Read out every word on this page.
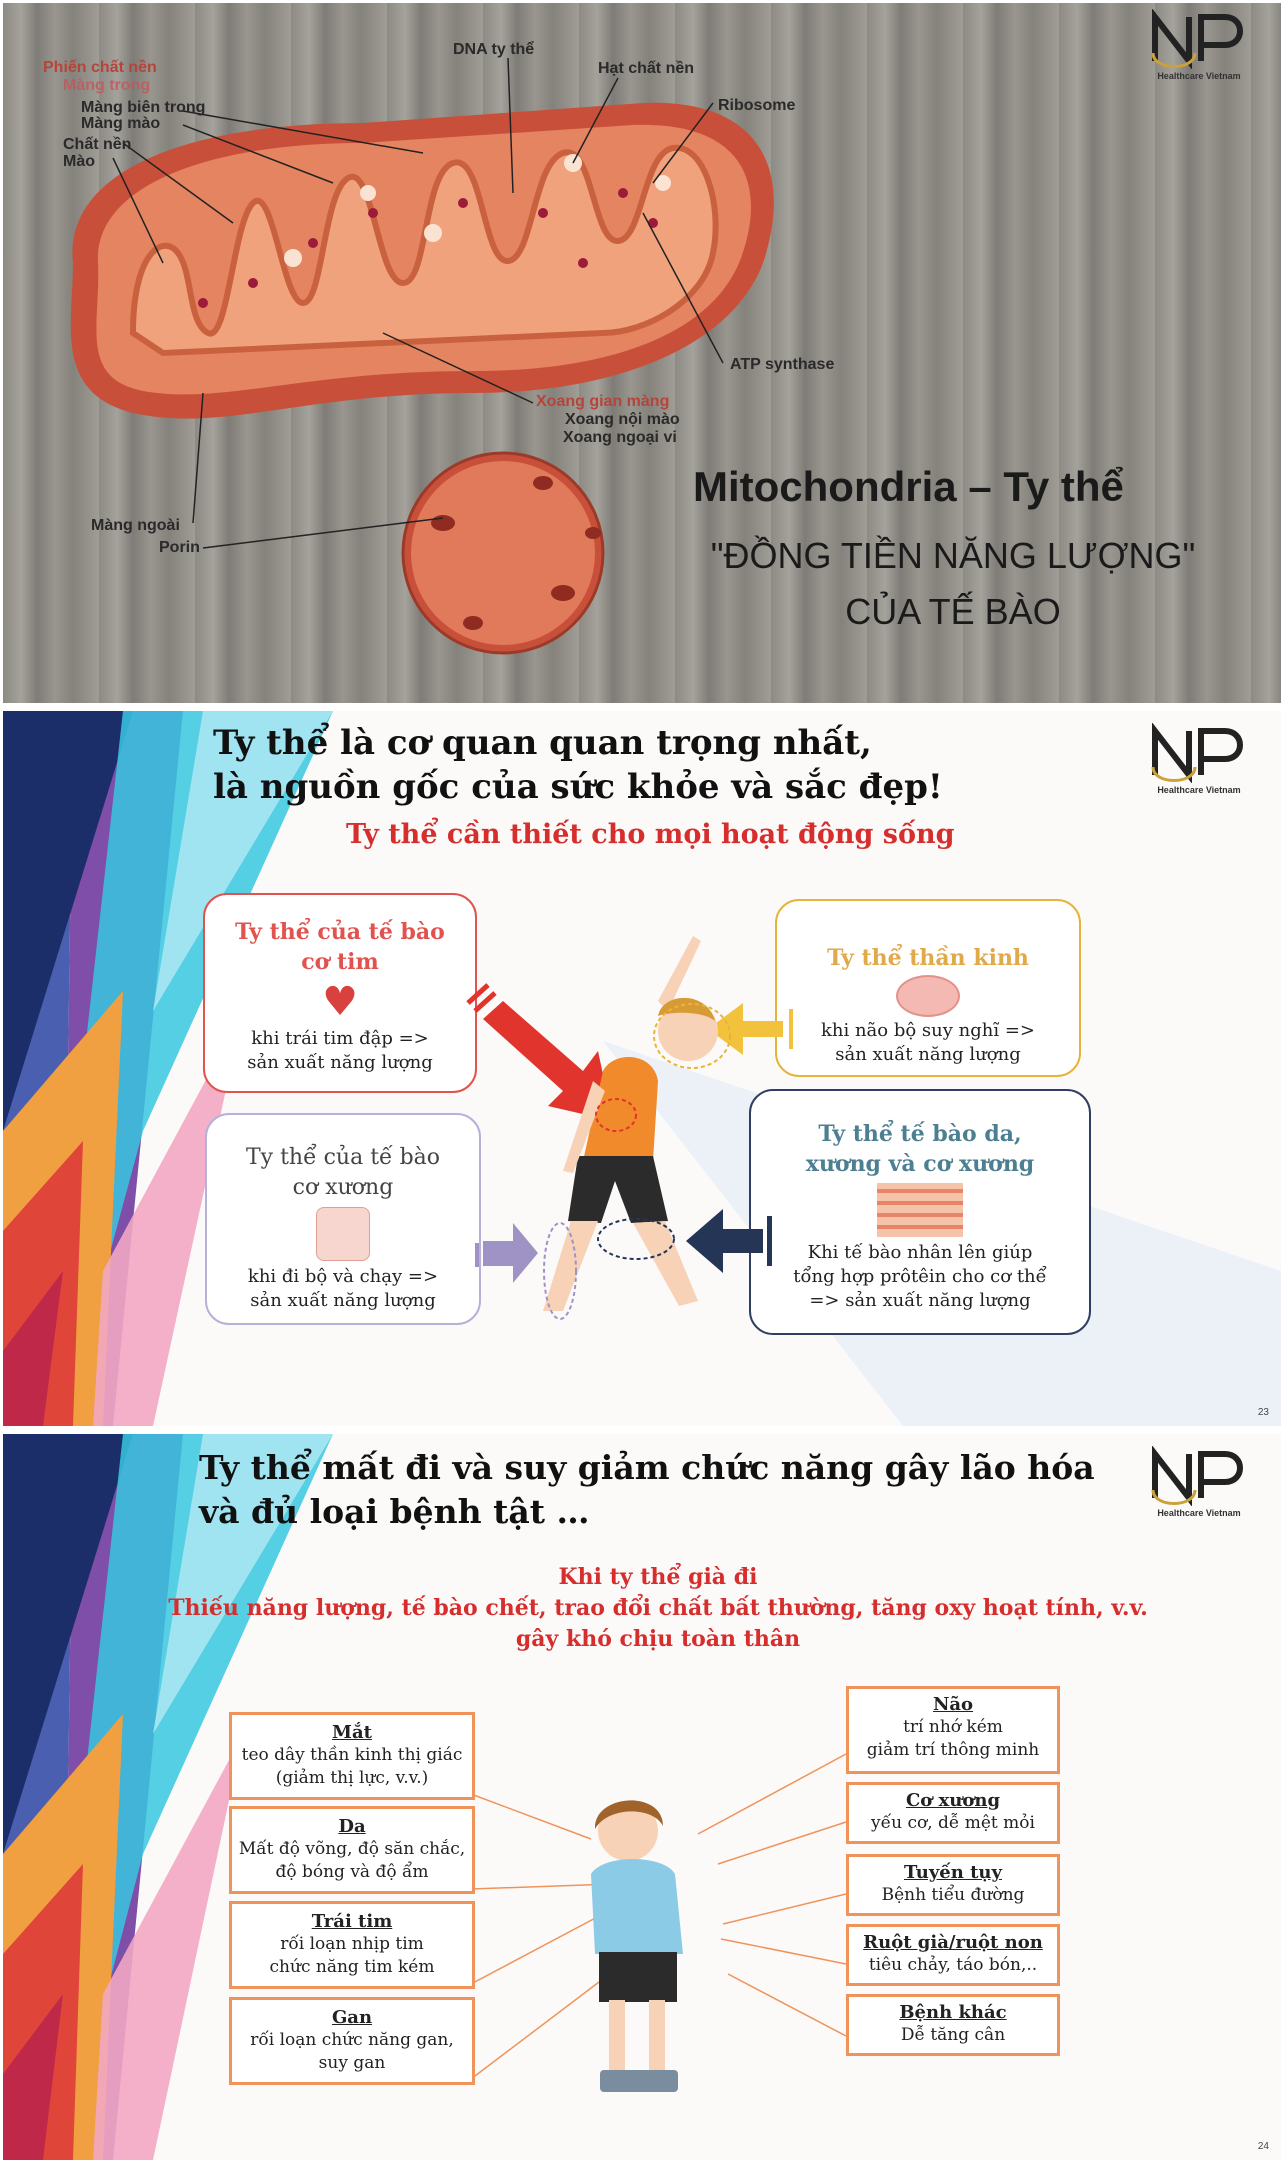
Phiến chất nền
Màng trong
Màng biên trong
Màng mào
Chất nền
Mào
DNA ty thể
Hạt chất nền
Ribosome
ATP synthase
Xoang gian màng
Xoang nội mào
Xoang ngoại vi
Màng ngoài
Porin
Mitochondria – Ty thể
"ĐỒNG TIỀN NĂNG LƯỢNG"
CỦA TẾ BÀO
Healthcare Vietnam
Ty thể là cơ quan quan trọng nhất,
là nguồn gốc của sức khỏe và sắc đẹp!
Ty thể cần thiết cho mọi hoạt động sống
Healthcare Vietnam
Ty thể của tế bào cơ tim
♥
khi trái tim đập => sản xuất năng lượng
Ty thể thần kinh
khi não bộ suy nghĩ => sản xuất năng lượng
Ty thể của tế bào cơ xương
khi đi bộ và chạy => sản xuất năng lượng
Ty thể tế bào da, xương và cơ xương
Khi tế bào nhân lên giúp tổng hợp prôtêin cho cơ thể => sản xuất năng lượng
23
Ty thể mất đi và suy giảm chức năng gây lão hóa
và đủ loại bệnh tật …
Khi ty thể già đi
Thiếu năng lượng, tế bào chết, trao đổi chất bất thường, tăng oxy hoạt tính, v.v.
gây khó chịu toàn thân
Healthcare Vietnam
Mắt
teo dây thần kinh thị giác
(giảm thị lực, v.v.)
Da
Mất độ võng, độ săn chắc,
độ bóng và độ ẩm
Trái tim
rối loạn nhịp tim
chức năng tim kém
Gan
rối loạn chức năng gan,
suy gan
Não
trí nhớ kém
giảm trí thông minh
Cơ xương
yếu cơ, dễ mệt mỏi
Tuyến tụy
Bệnh tiểu đường
Ruột già/ruột non
tiêu chảy, táo bón,..
Bệnh khác
Dễ tăng cân
24
